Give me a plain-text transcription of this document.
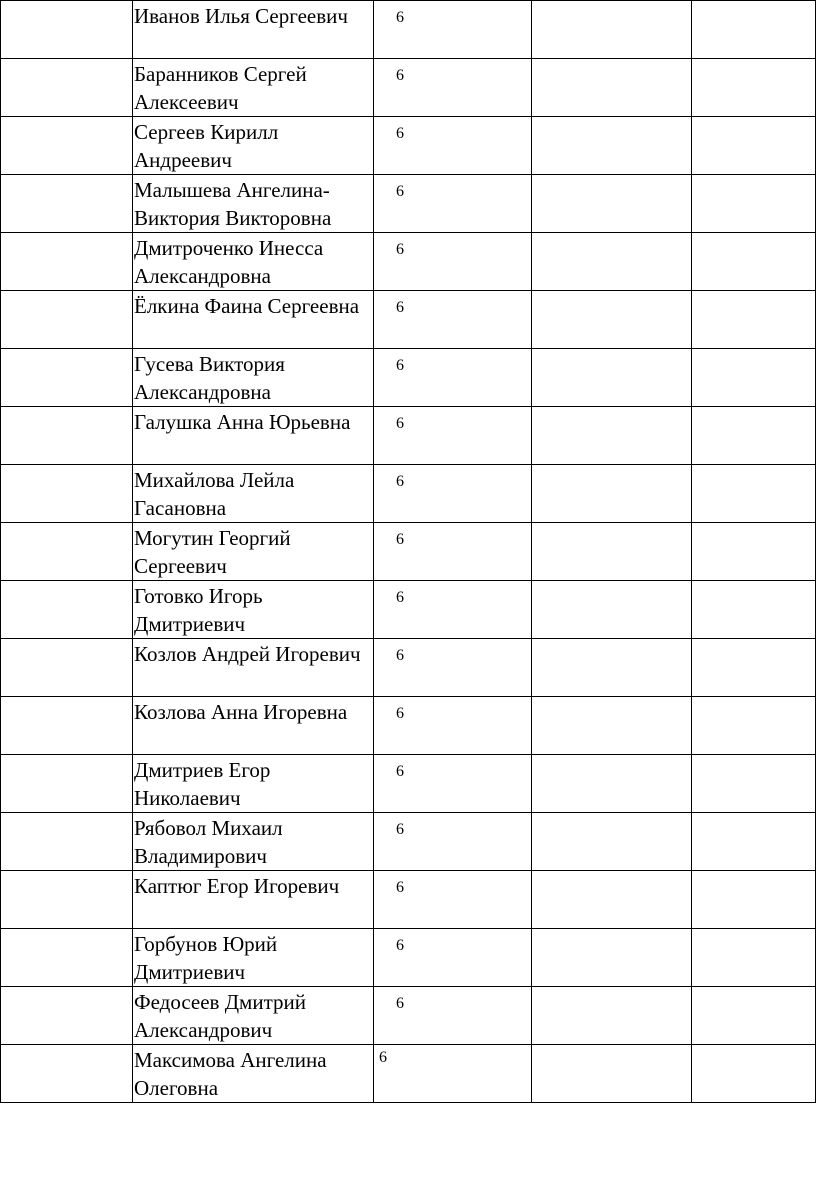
	Иванов Илья Сергеевич	6		
	Баранников Сергей Алексеевич	6		
	Сергеев Кирилл Андреевич	6		
	Малышева Ангелина-Виктория Викторовна	6		
	Дмитроченко Инесса Александровна	6		
	Ёлкина Фаина Сергеевна	6		
	Гусева Виктория Александровна	6		
	Галушка Анна Юрьевна	6		
	Михайлова Лейла Гасановна	6		
	Могутин Георгий Сергеевич	6		
	Готовко Игорь Дмитриевич	6		
	Козлов Андрей Игоревич	6		
	Козлова Анна Игоревна	6		
	Дмитриев Егор Николаевич	6		
	Рябовол Михаил Владимирович	6		
	Каптюг Егор Игоревич	6		
	Горбунов Юрий Дмитриевич	6		
	Федосеев Дмитрий Александрович	6		
	Максимова Ангелина Олеговна	6		
